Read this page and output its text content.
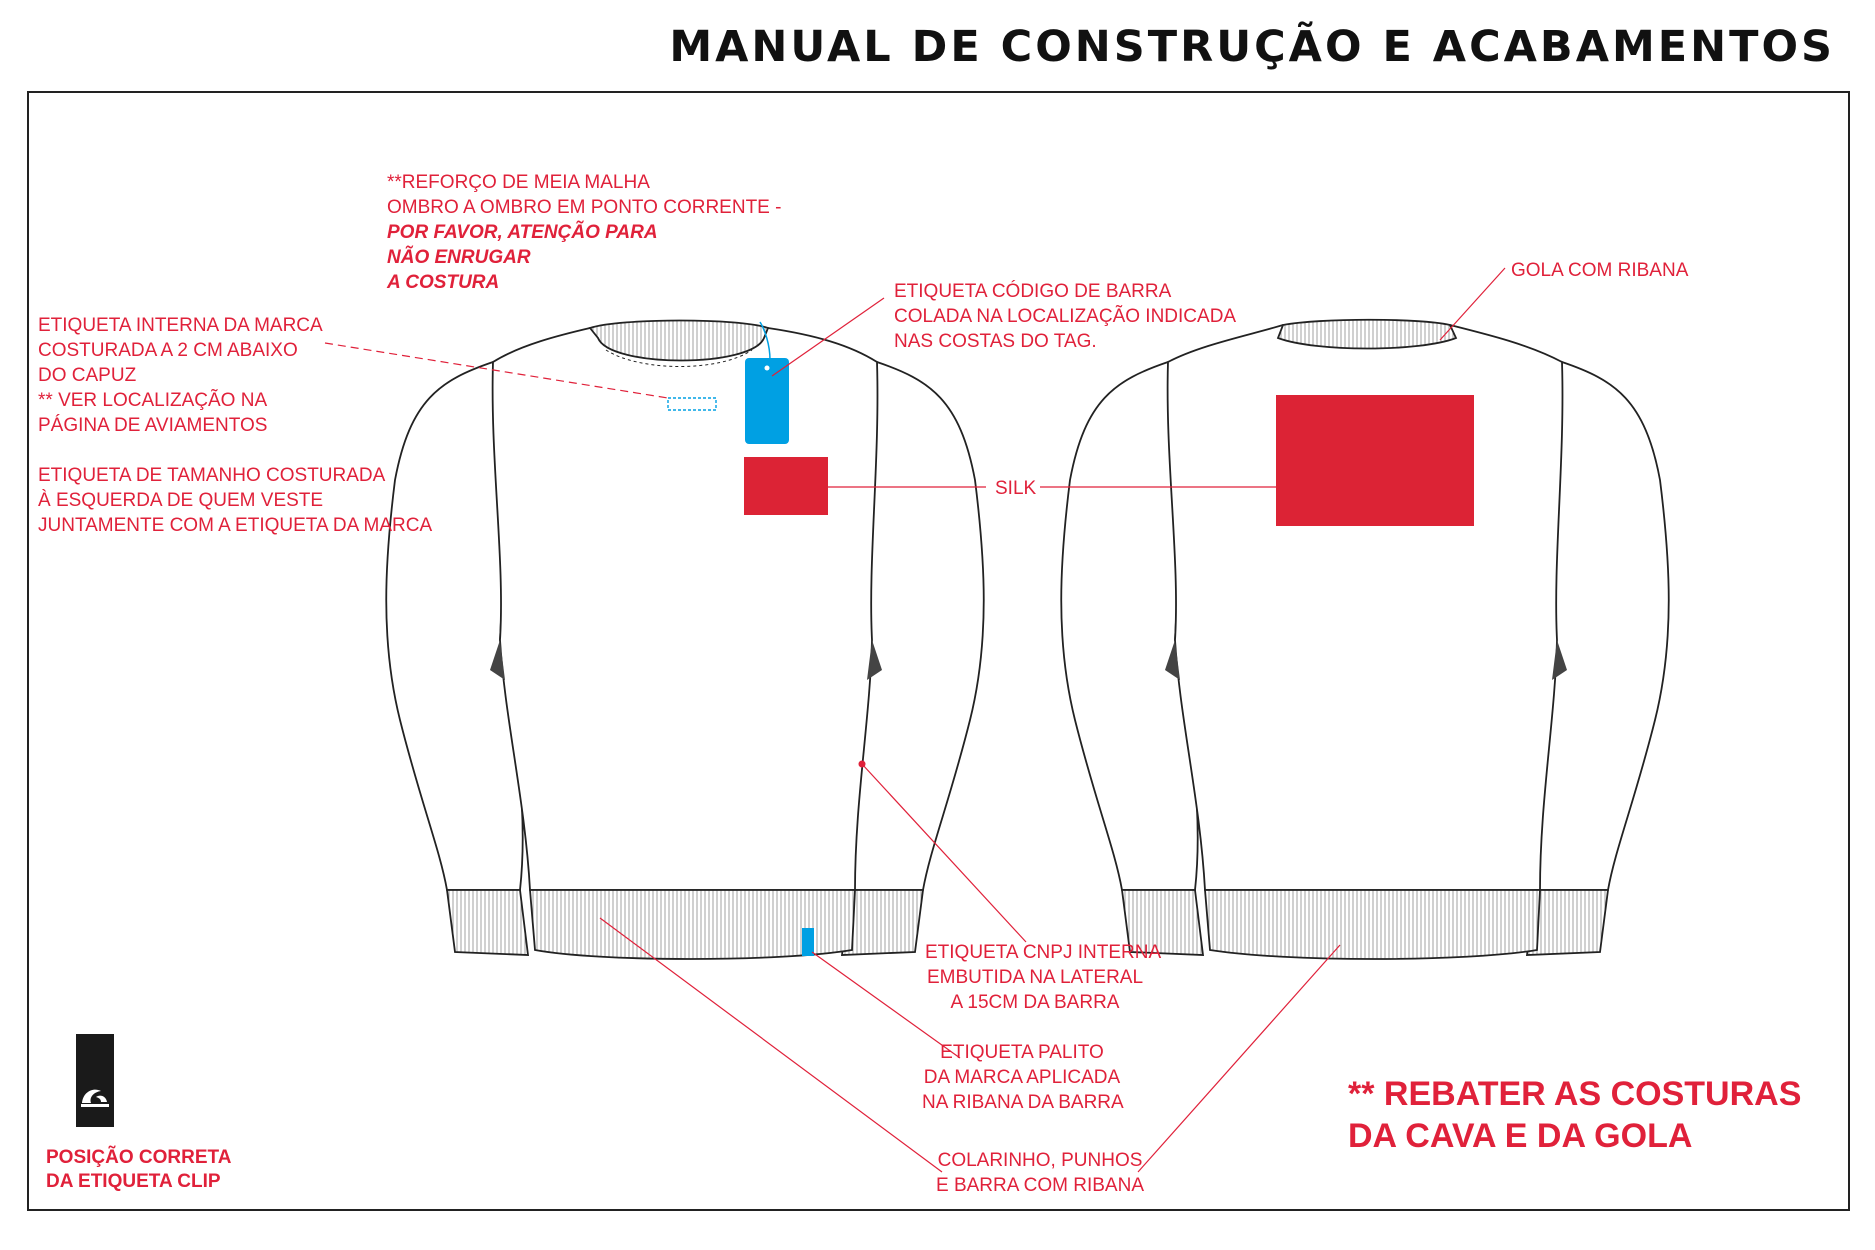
MANUAL DE CONSTRUÇÃO E ACABAMENTOS
**REFORÇO DE MEIA MALHA
OMBRO A OMBRO EM PONTO CORRENTE -
POR FAVOR, ATENÇÃO PARA
NÃO ENRUGAR
A COSTURA
ETIQUETA INTERNA DA MARCA
COSTURADA A 2 CM ABAIXO
DO CAPUZ
** VER LOCALIZAÇÃO NA
PÁGINA DE AVIAMENTOS
ETIQUETA DE TAMANHO COSTURADA
À ESQUERDA DE QUEM VESTE
JUNTAMENTE COM A ETIQUETA DA MARCA
ETIQUETA CÓDIGO DE BARRA
COLADA NA LOCALIZAÇÃO INDICADA
NAS COSTAS DO TAG.
GOLA COM RIBANA
SILK
ETIQUETA CNPJ INTERNA
EMBUTIDA NA LATERAL
A 15CM DA BARRA
ETIQUETA PALITO
DA MARCA APLICADA
NA RIBANA DA BARRA
COLARINHO, PUNHOS
E BARRA COM RIBANA
** REBATER AS COSTURAS
DA CAVA E DA GOLA
POSIÇÃO CORRETA
DA ETIQUETA CLIP
